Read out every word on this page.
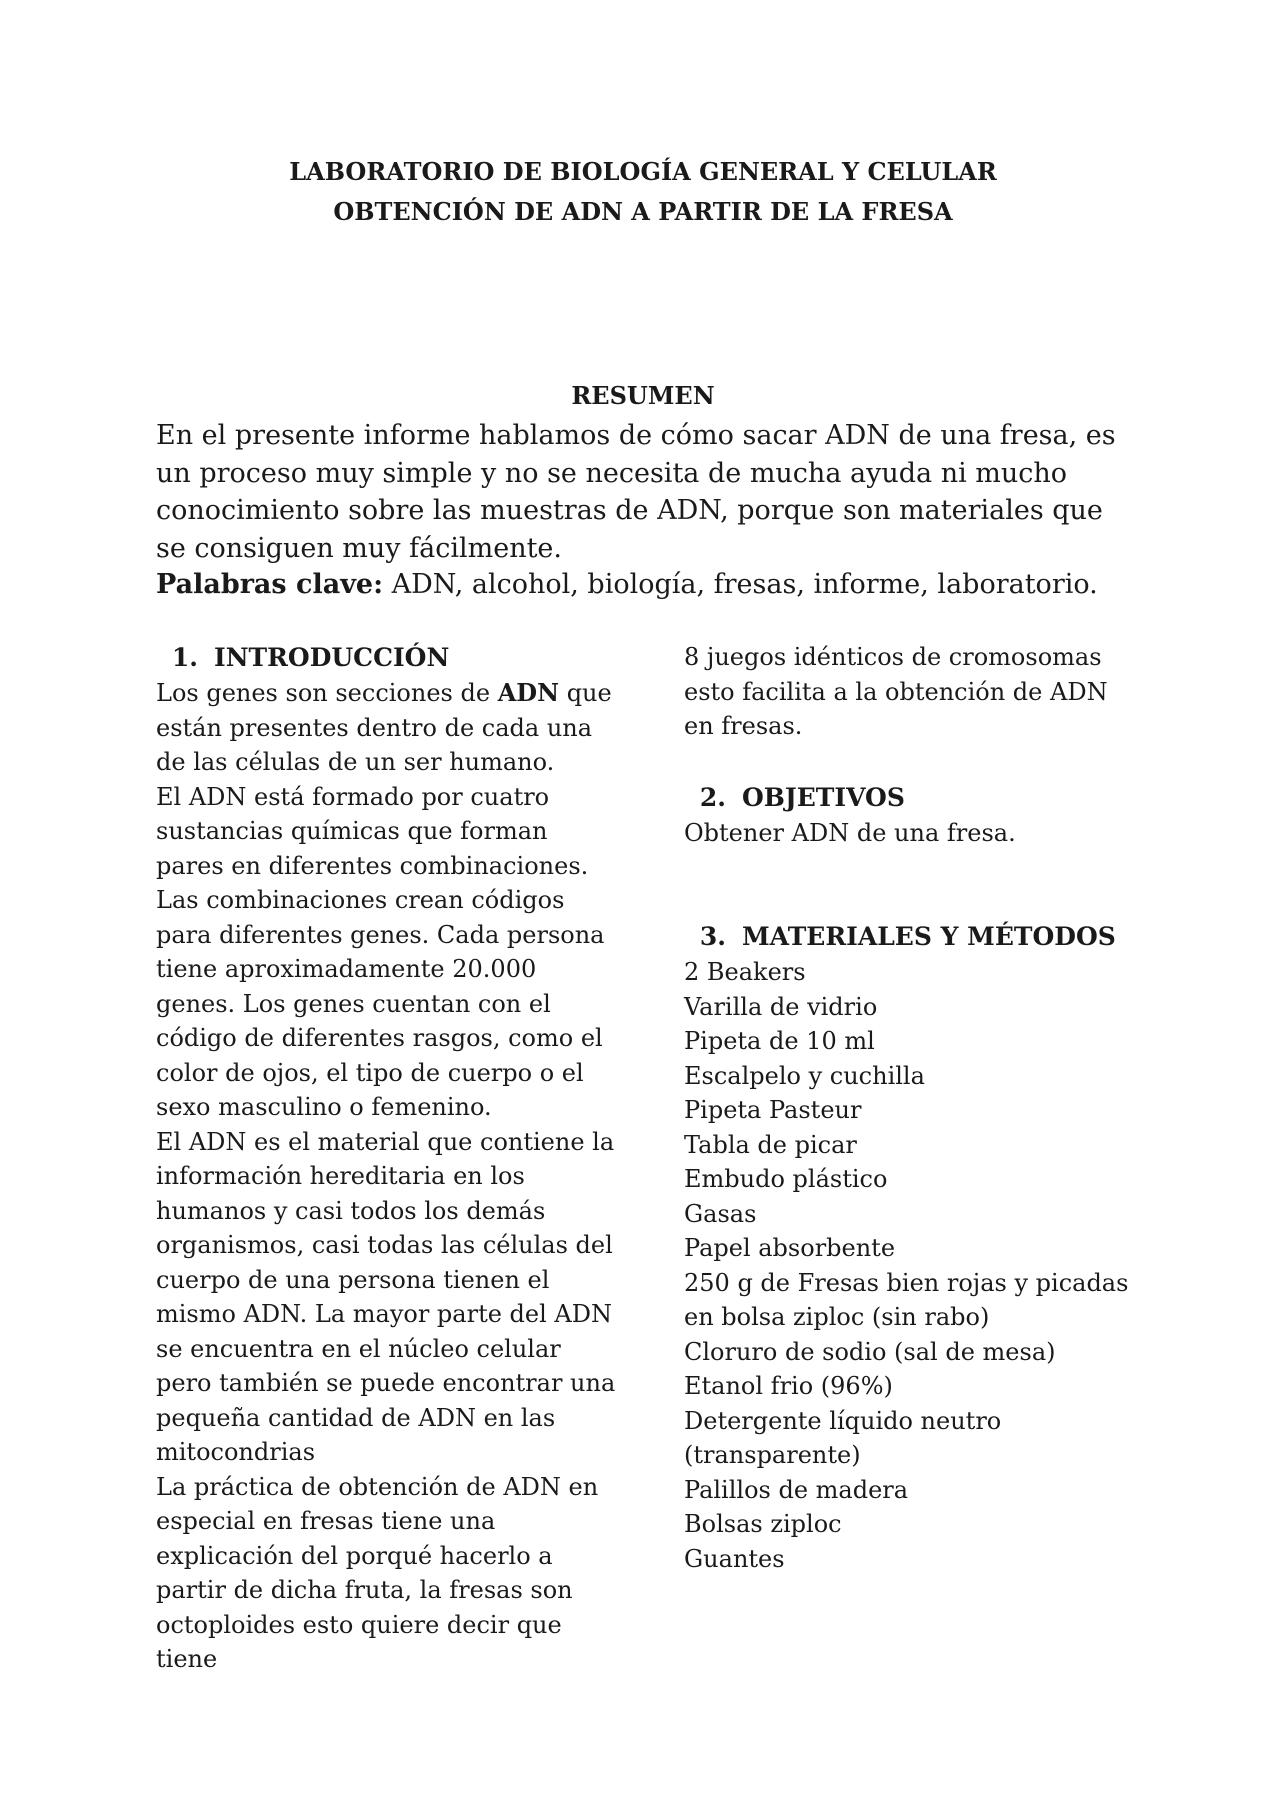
LABORATORIO DE BIOLOGÍA GENERAL Y CELULAR
OBTENCIÓN DE ADN A PARTIR DE LA FRESA
RESUMEN
En el presente informe hablamos de cómo sacar ADN de una fresa, es un proceso muy simple y no se necesita de mucha ayuda ni mucho conocimiento sobre las muestras de ADN, porque son materiales que se consiguen muy fácilmente.
Palabras clave: ADN, alcohol, biología, fresas, informe, laboratorio.
1. INTRODUCCIÓN

Los genes son secciones de ADN que están presentes dentro de cada una de las células de un ser humano.

El ADN está formado por cuatro sustancias químicas que forman pares en diferentes combinaciones. Las combinaciones crean códigos para diferentes genes. Cada persona tiene aproximadamente 20.000 genes. Los genes cuentan con el código de diferentes rasgos, como el color de ojos, el tipo de cuerpo o el sexo masculino o femenino.

El ADN es el material que contiene la información hereditaria en los humanos y casi todos los demás organismos, casi todas las células del cuerpo de una persona tienen el mismo ADN. La mayor parte del ADN se encuentra en el núcleo celular pero también se puede encontrar una pequeña cantidad de ADN en las mitocondrias

La práctica de obtención de ADN en especial en fresas tiene una explicación del porqué hacerlo a partir de dicha fruta, la fresas son octoploides esto quiere decir que tiene

8 juegos idénticos de cromosomas esto facilita a la obtención de ADN en fresas.

2. OBJETIVOS

Obtener ADN de una fresa.

3. MATERIALES Y MÉTODOS
2 Beakers
Varilla de vidrio
Pipeta de 10 ml
Escalpelo y cuchilla
Pipeta Pasteur
Tabla de picar
Embudo plástico
Gasas
Papel absorbente
250 g de Fresas bien rojas y picadas en bolsa ziploc (sin rabo)
Cloruro de sodio (sal de mesa)
Etanol frio (96%)
Detergente líquido neutro (transparente)
Palillos de madera
Bolsas ziploc
Guantes
